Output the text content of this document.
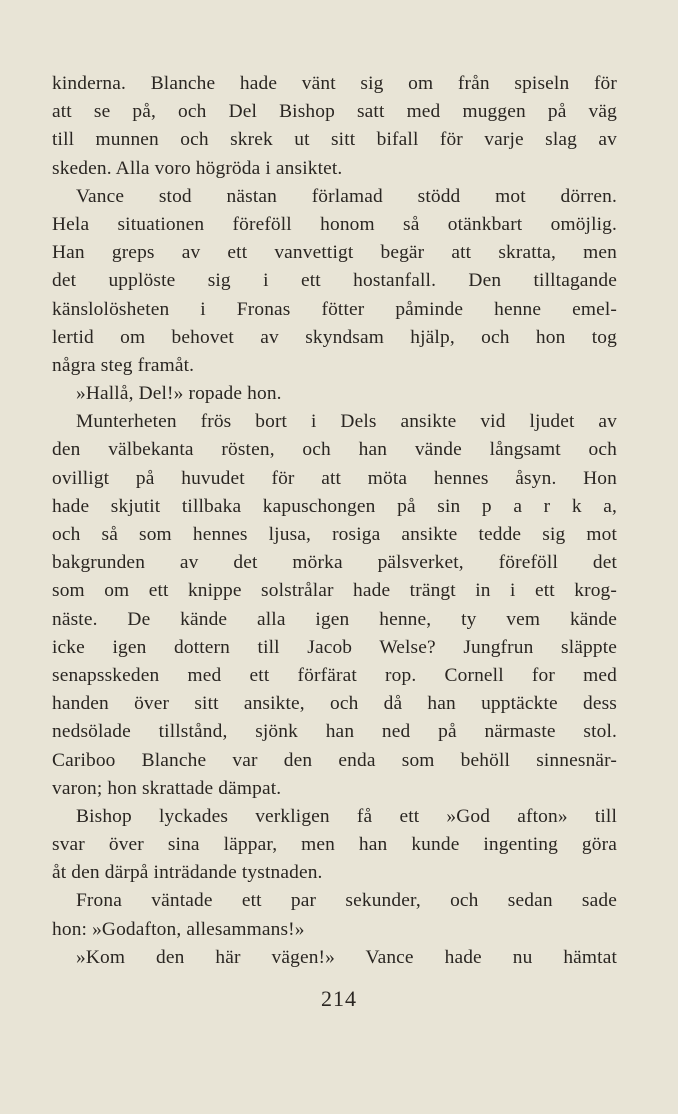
kinderna. Blanche hade vänt sig om från spiseln för
att se på, och Del Bishop satt med muggen på väg
till munnen och skrek ut sitt bifall för varje slag av
skeden. Alla voro högröda i ansiktet.
Vance stod nästan förlamad stödd mot dörren.
Hela situationen föreföll honom så otänkbart omöjlig.
Han greps av ett vanvettigt begär att skratta, men
det upplöste sig i ett hostanfall. Den tilltagande
känslolösheten i Fronas fötter påminde henne emel-
lertid om behovet av skyndsam hjälp, och hon tog
några steg framåt.
»Hallå, Del!» ropade hon.
Munterheten frös bort i Dels ansikte vid ljudet av
den välbekanta rösten, och han vände långsamt och
ovilligt på huvudet för att möta hennes åsyn. Hon
hade skjutit tillbaka kapuschongen på sin p a r k a,
och så som hennes ljusa, rosiga ansikte tedde sig mot
bakgrunden av det mörka pälsverket, föreföll det
som om ett knippe solstrålar hade trängt in i ett krog-
näste. De kände alla igen henne, ty vem kände
icke igen dottern till Jacob Welse? Jungfrun släppte
senapsskeden med ett förfärat rop. Cornell for med
handen över sitt ansikte, och då han upptäckte dess
nedsölade tillstånd, sjönk han ned på närmaste stol.
Cariboo Blanche var den enda som behöll sinnesnär-
varon; hon skrattade dämpat.
Bishop lyckades verkligen få ett »God afton» till
svar över sina läppar, men han kunde ingenting göra
åt den därpå inträdande tystnaden.
Frona väntade ett par sekunder, och sedan sade
hon: »Godafton, allesammans!»
»Kom den här vägen!» Vance hade nu hämtat
214
